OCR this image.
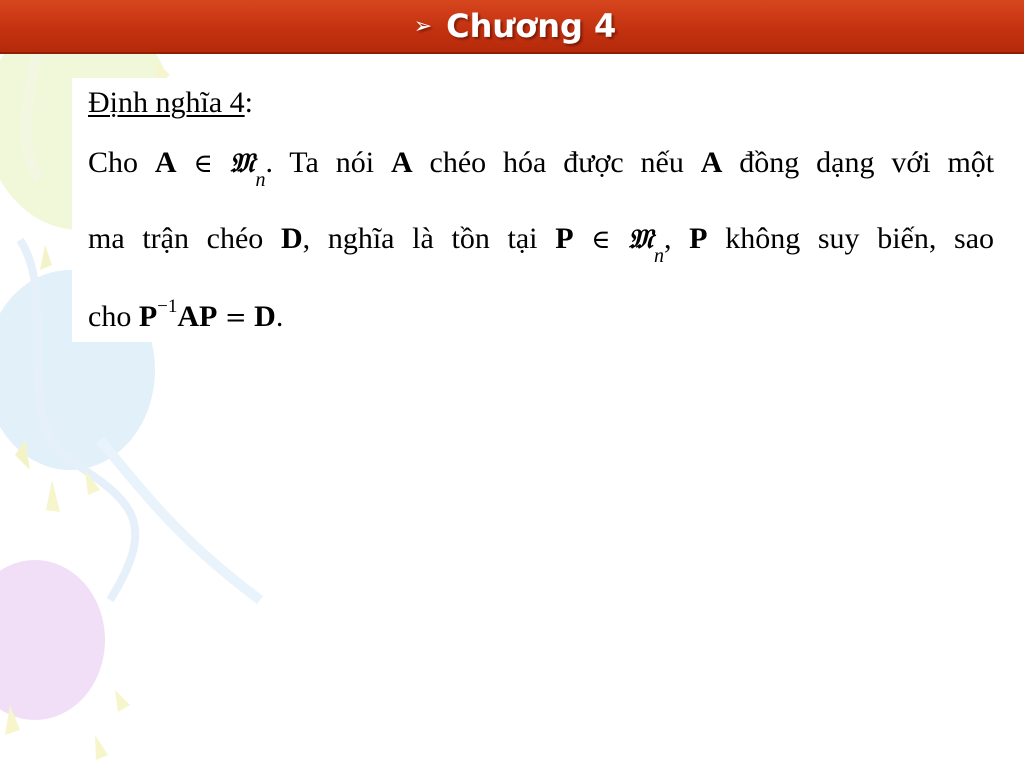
➢ Chương 4
Định nghĩa 4:
Cho A ∈ 𝔐$_n$. Ta nói A chéo hóa được nếu A đồng dạng với một
ma trận chéo D, nghĩa là tồn tại P ∈ 𝔐$_n$, P không suy biến, sao
cho $P^{-1}AP = D$.
